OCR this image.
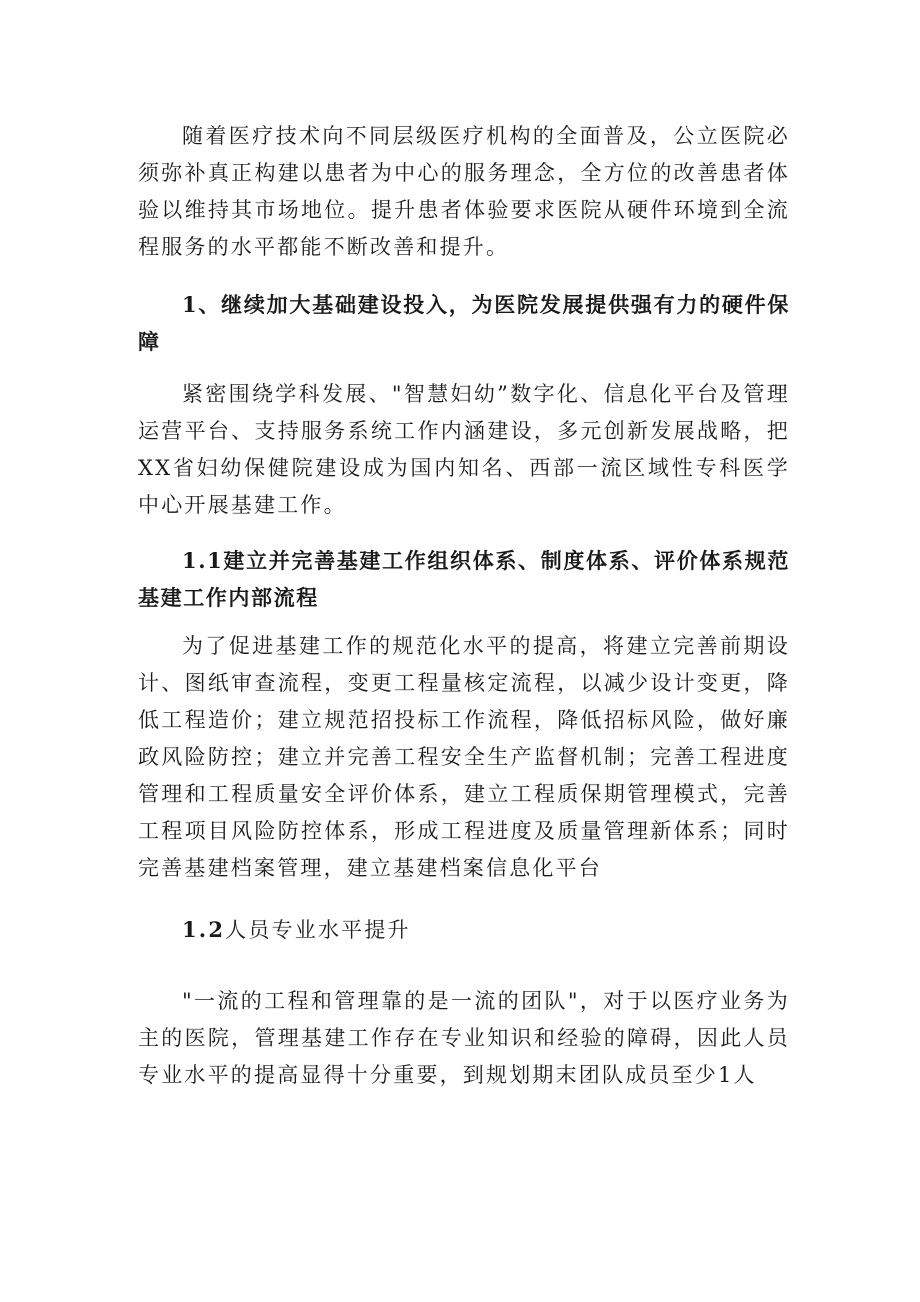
随着医疗技术向不同层级医疗机构的全面普及，公立医院必须弥补真正构建以患者为中心的服务理念，全方位的改善患者体验以维持其市场地位。提升患者体验要求医院从硬件环境到全流程服务的水平都能不断改善和提升。

1、继续加大基础建设投入，为医院发展提供强有力的硬件保障

紧密围绕学科发展、"智慧妇幼”数字化、信息化平台及管理运营平台、支持服务系统工作内涵建设，多元创新发展战略，把XX省妇幼保健院建设成为国内知名、西部一流区域性专科医学中心开展基建工作。

1.1建立并完善基建工作组织体系、制度体系、评价体系规范基建工作内部流程

为了促进基建工作的规范化水平的提高，将建立完善前期设计、图纸审查流程，变更工程量核定流程，以减少设计变更，降低工程造价；建立规范招投标工作流程，降低招标风险，做好廉政风险防控；建立并完善工程安全生产监督机制；完善工程进度管理和工程质量安全评价体系，建立工程质保期管理模式，完善工程项目风险防控体系，形成工程进度及质量管理新体系；同时完善基建档案管理，建立基建档案信息化平台

1.2人员专业水平提升

"一流的工程和管理靠的是一流的团队"，对于以医疗业务为主的医院，管理基建工作存在专业知识和经验的障碍，因此人员专业水平的提高显得十分重要，到规划期末团队成员至少1人
